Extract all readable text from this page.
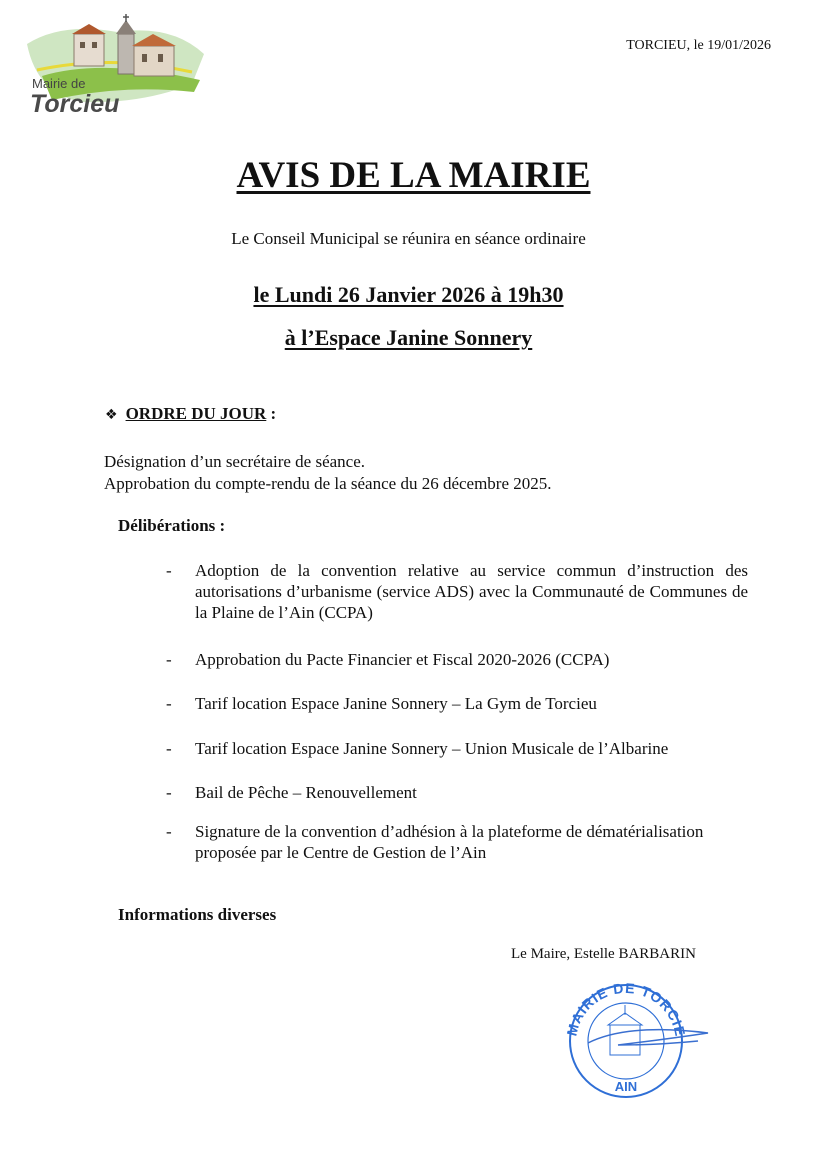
Mairie de
Torcieu
TORCIEU, le 19/01/2026
AVIS DE LA MAIRIE
Le Conseil Municipal se réunira en séance ordinaire
le Lundi 26 Janvier 2026 à 19h30
à l’Espace Janine Sonnery
❖ ORDRE DU JOUR :
Désignation d’un secrétaire de séance.
Approbation du compte-rendu de la séance du 26 décembre 2025.
Délibérations :
- Adoption de la convention relative au service commun d’instruction des autorisations d’urbanisme (service ADS) avec la Communauté de Communes de la Plaine de l’Ain (CCPA)
- Approbation du Pacte Financier et Fiscal 2020-2026 (CCPA)
- Tarif location Espace Janine Sonnery – La Gym de Torcieu
- Tarif location Espace Janine Sonnery – Union Musicale de l’Albarine
- Bail de Pêche – Renouvellement
- Signature de la convention d’adhésion à la plateforme de dématérialisation proposée par le Centre de Gestion de l’Ain
Informations diverses
Le Maire, Estelle BARBARIN
MAIRIE DE TORCIE
AIN
